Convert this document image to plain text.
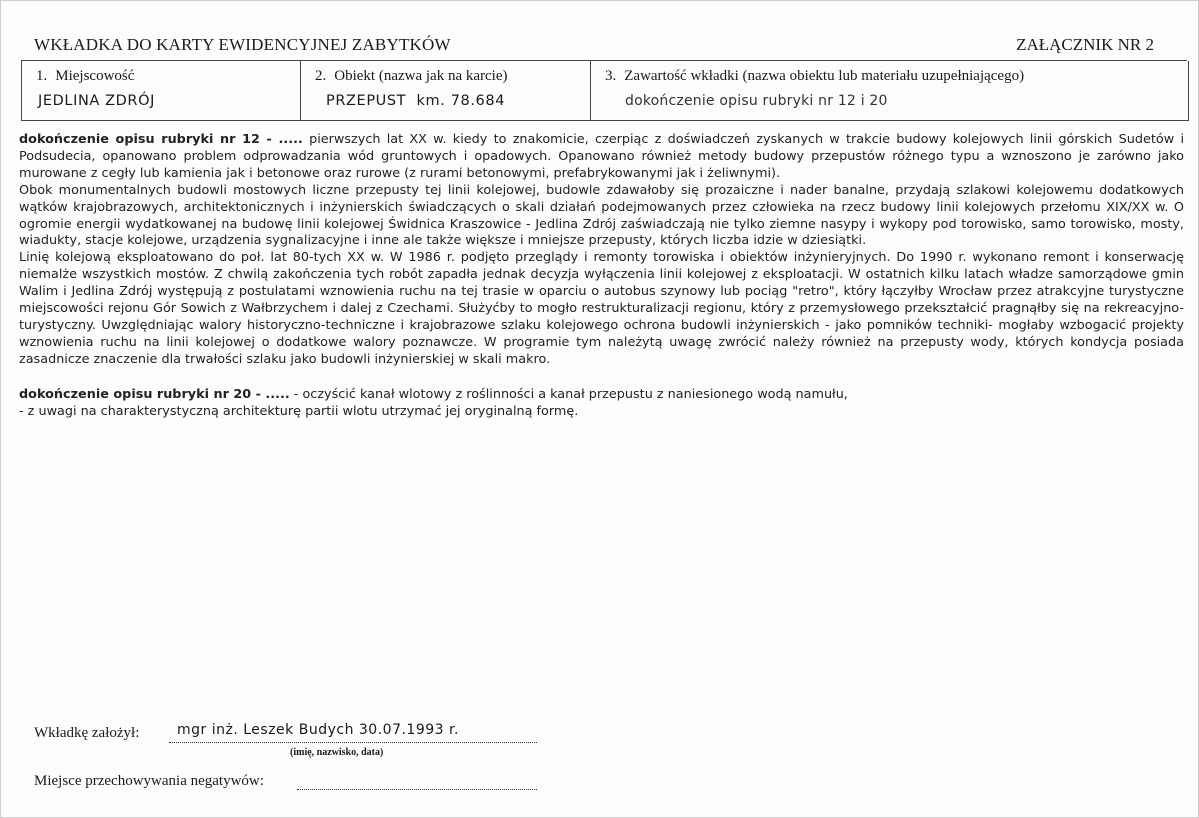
WKŁADKA DO KARTY EWIDENCYJNEJ ZABYTKÓW	ZAŁĄCZNIK NR 2
1. Miejscowość
JEDLINA ZDRÓJ
2. Obiekt (nazwa jak na karcie)
PRZEPUST  km. 78.684
3. Zawartość wkładki (nazwa obiektu lub materiału uzupełniającego)
dokończenie opisu rubryki nr 12 i 20

dokończenie opisu rubryki nr 12 - ..... pierwszych lat XX w. kiedy to znakomicie, czerpiąc z doświadczeń zyskanych w trakcie budowy kolejowych linii górskich Sudetów i Podsudecia, opanowano problem odprowadzania wód gruntowych i opadowych. Opanowano również metody budowy przepustów różnego typu a wznoszono je zarówno jako murowane z cegły lub kamienia jak i betonowe oraz rurowe (z rurami betonowymi, prefabrykowanymi jak i żeliwnymi).

Obok monumentalnych budowli mostowych liczne przepusty tej linii kolejowej, budowle zdawałoby się prozaiczne i nader banalne, przydają szlakowi kolejowemu dodatkowych wątków krajobrazowych, architektonicznych i inżynierskich świadczących o skali działań podejmowanych przez człowieka na rzecz budowy linii kolejowych przełomu XIX/XX w. O ogromie energii wydatkowanej na budowę linii kolejowej Świdnica Kraszowice - Jedlina Zdrój zaświadczają nie tylko ziemne nasypy i wykopy pod torowisko, samo torowisko, mosty, wiadukty, stacje kolejowe, urządzenia sygnalizacyjne i inne ale także większe i mniejsze przepusty, których liczba idzie w dziesiątki.

Linię kolejową eksploatowano do poł. lat 80-tych XX w. W 1986 r. podjęto przeglądy i remonty torowiska i obiektów inżynieryjnych. Do 1990 r. wykonano remont i konserwację niemalże wszystkich mostów. Z chwilą zakończenia tych robót zapadła jednak decyzja wyłączenia linii kolejowej z eksploatacji. W ostatnich kilku latach władze samorządowe gmin Walim i Jedlina Zdrój występują z postulatami wznowienia ruchu na tej trasie w oparciu o autobus szynowy lub pociąg "retro", który łączyłby Wrocław przez atrakcyjne turystyczne miejscowości rejonu Gór Sowich z Wałbrzychem i dalej z Czechami. Służyćby to mogło restrukturalizacji regionu, który z przemysłowego przekształcić pragnąłby się na rekreacyjno-turystyczny. Uwzględniając walory historyczno-techniczne i krajobrazowe szlaku kolejowego ochrona budowli inżynierskich - jako pomników techniki- mogłaby wzbogacić projekty wznowienia ruchu na linii kolejowej o dodatkowe walory poznawcze. W programie tym należytą uwagę zwrócić należy również na przepusty wody, których kondycja posiada zasadnicze znaczenie dla trwałości szlaku jako budowli inżynierskiej w skali makro.

dokończenie opisu rubryki nr 20 - ..... - oczyścić kanał wlotowy z roślinności a kanał przepustu z naniesionego wodą namułu,

- z uwagi na charakterystyczną architekturę partii wlotu utrzymać jej oryginalną formę.

Wkładkę założył:	mgr inż. Leszek Budych 30.07.1993 r.
(imię, nazwisko, data)
Miejsce przechowywania negatywów:
